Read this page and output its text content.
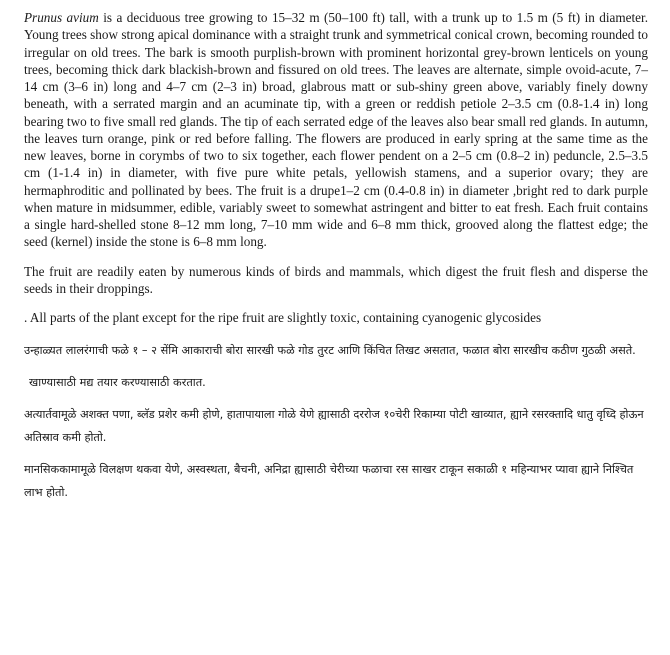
Prunus avium is a deciduous tree growing to 15–32 m (50–100 ft) tall, with a trunk up to 1.5 m (5 ft) in diameter. Young trees show strong apical dominance with a straight trunk and symmetrical conical crown, becoming rounded to irregular on old trees. The bark is smooth purplish-brown with prominent horizontal grey-brown lenticels on young trees, becoming thick dark blackish-brown and fissured on old trees. The leaves are alternate, simple ovoid-acute, 7–14 cm (3–6 in) long and 4–7 cm (2–3 in) broad, glabrous matt or sub-shiny green above, variably finely downy beneath, with a serrated margin and an acuminate tip, with a green or reddish petiole 2–3.5 cm (0.8-1.4 in) long bearing two to five small red glands. The tip of each serrated edge of the leaves also bear small red glands. In autumn, the leaves turn orange, pink or red before falling. The flowers are produced in early spring at the same time as the new leaves, borne in corymbs of two to six together, each flower pendent on a 2–5 cm (0.8–2 in) peduncle, 2.5–3.5 cm (1-1.4 in) in diameter, with five pure white petals, yellowish stamens, and a superior ovary; they are hermaphroditic and pollinated by bees. The fruit is a drupe1–2 cm (0.4-0.8 in) in diameter ,bright red to dark purple when mature in midsummer, edible, variably sweet to somewhat astringent and bitter to eat fresh. Each fruit contains a single hard-shelled stone 8–12 mm long, 7–10 mm wide and 6–8 mm thick, grooved along the flattest edge; the seed (kernel) inside the stone is 6–8 mm long.

The fruit are readily eaten by numerous kinds of birds and mammals, which digest the fruit flesh and disperse the seeds in their droppings.

. All parts of the plant except for the ripe fruit are slightly toxic, containing cyanogenic glycosides

उन्हाळ्यत लालरंगाची फळे १ – २ सेंमि आकाराची बोरा सारखी फळे गोड तुरट आणि किंचित तिखट असतात, फळात बोरा सारखीच कठीण गुठळी असते.

खाण्यासाठी मद्य तयार करण्यासाठी करतात.

अत्यार्तवामूळे अशक्त पणा, ब्लॅड प्रशेर कमी होणे, हातापायाला गोळे येणे ह्यासाठी दररोज १०चेरी रिकाम्या पोटी खाव्यात, ह्याने रसरक्तादि धातु वृध्दि होऊन अतिस्राव कमी होतो.

मानसिककामामूळे विलक्षण थकवा येणे, अस्वस्थता, बैचनी, अनिद्रा ह्यासाठी चेरीच्या फळाचा रस साखर टाकून सकाळी १ महिन्याभर प्यावा ह्याने निश्चित लाभ होतो.
